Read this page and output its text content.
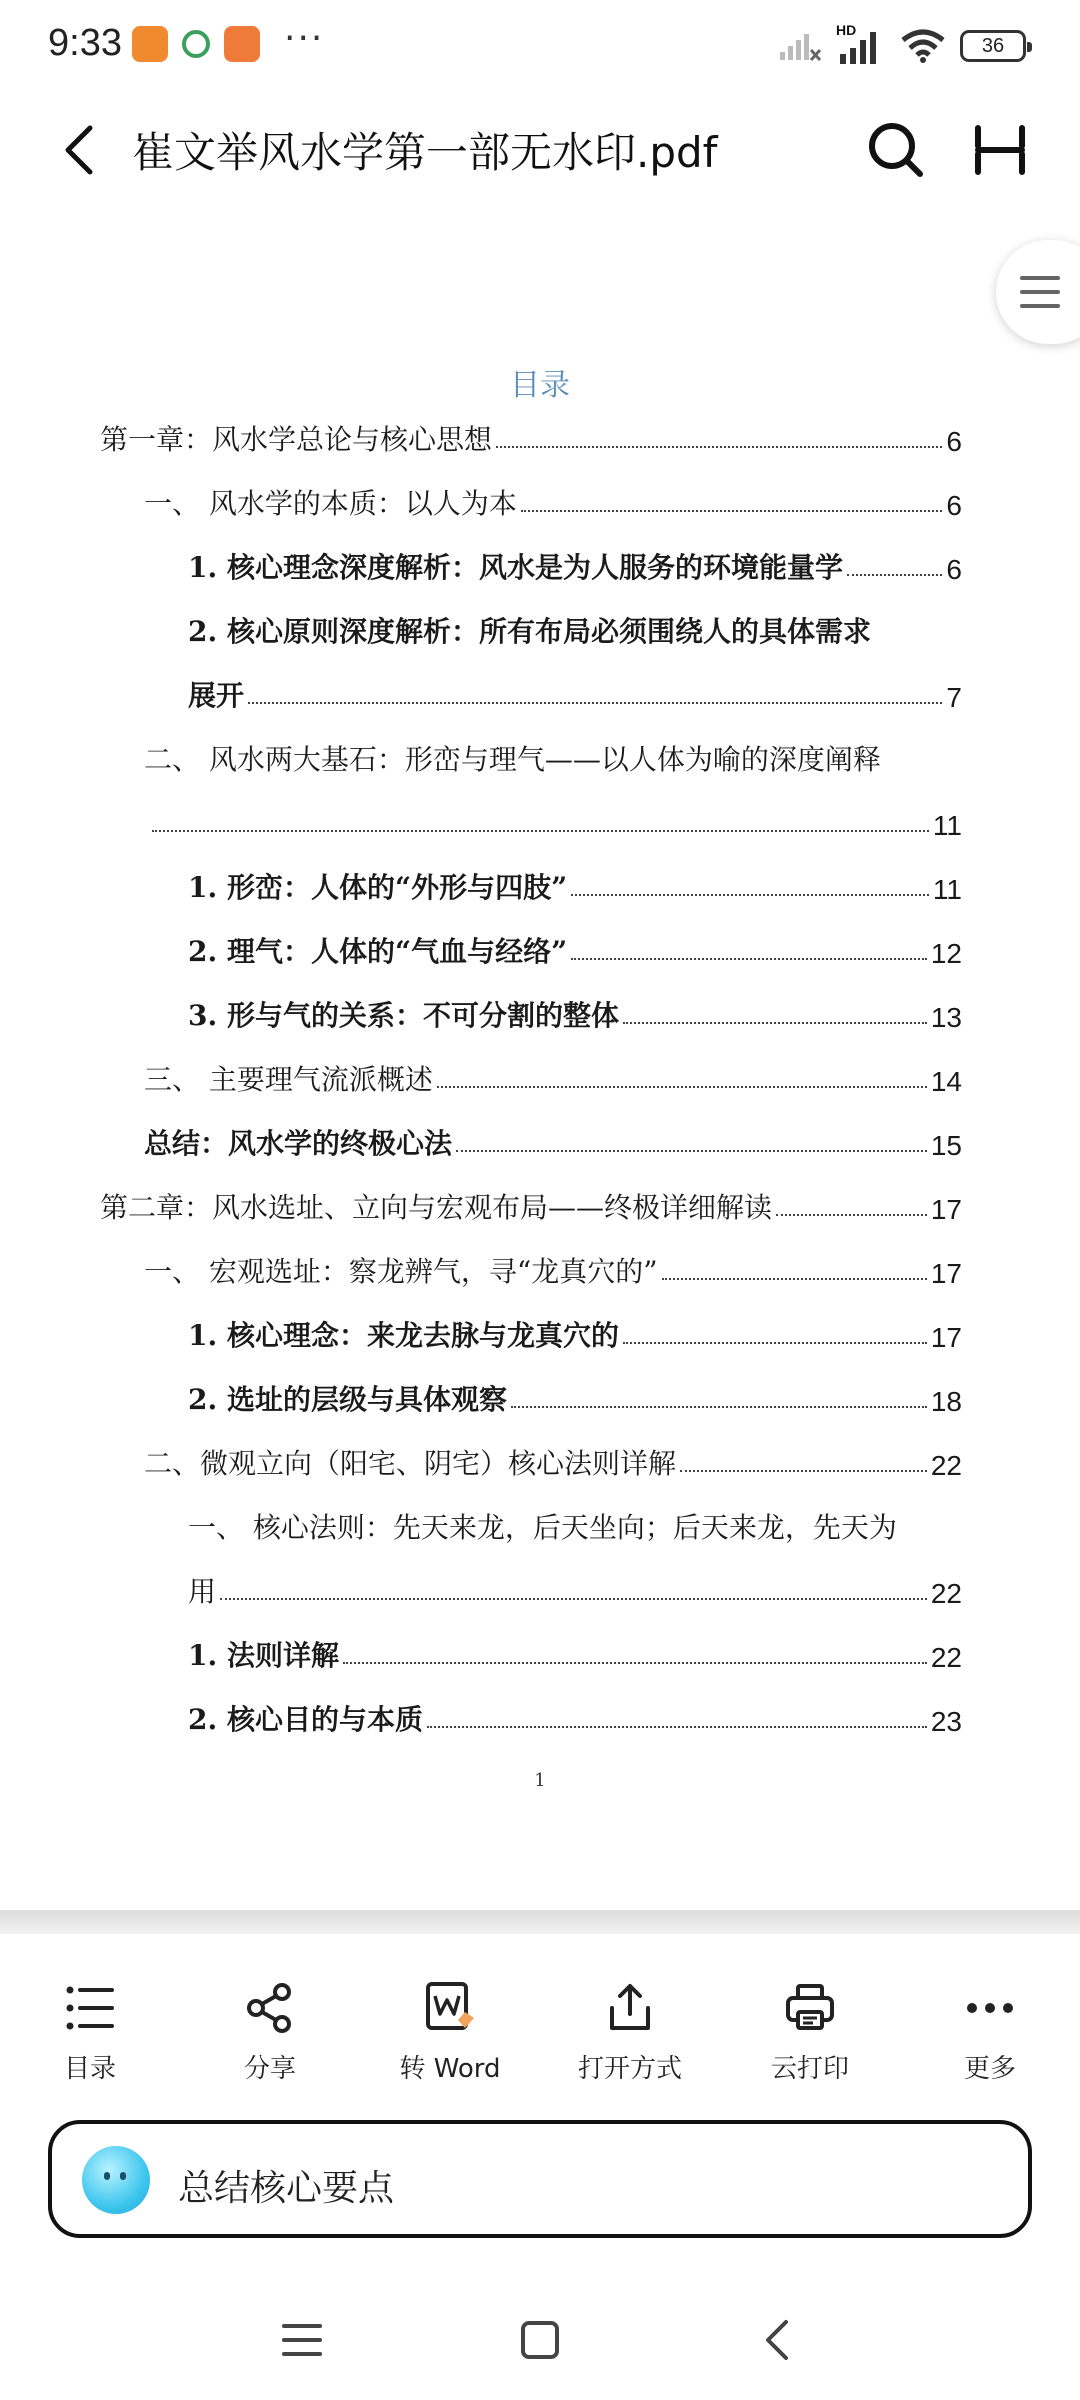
9:33	···	HD
36
崔文举风水学第一部无水印.pdf
目录
第一章：风水学总论与核心思想	6
一、 风水学的本质：以人为本	6
1. 核心理念深度解析：风水是为人服务的环境能量学	6
2. 核心原则深度解析：所有布局必须围绕人的具体需求
展开	7
二、 风水两大基石：形峦与理气——以人体为喻的深度阐释
11
1. 形峦：人体的“外形与四肢”	11
2. 理气：人体的“气血与经络”	12
3. 形与气的关系：不可分割的整体	13
三、 主要理气流派概述	14
总结：风水学的终极心法	15
第二章：风水选址、立向与宏观布局——终极详细解读	17
一、 宏观选址：察龙辨气，寻“龙真穴的”	17
1. 核心理念：来龙去脉与龙真穴的	17
2. 选址的层级与具体观察	18
二、微观立向（阳宅、阴宅）核心法则详解	22
一、 核心法则：先天来龙，后天坐向；后天来龙，先天为
用	22
1. 法则详解	22
2. 核心目的与本质	23
1
目录	分享	转 Word	打开方式	云打印	更多
总结核心要点
